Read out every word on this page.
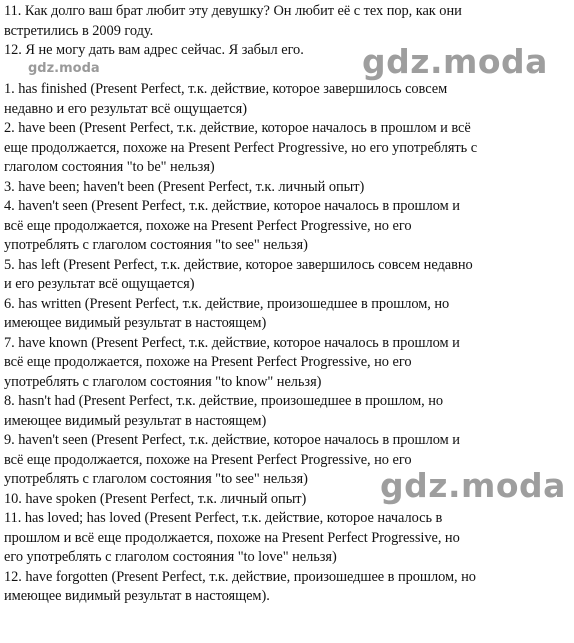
11. Как долго ваш брат любит эту девушку? Он любит её с тех пор, как они
встретились в 2009 году.
12. Я не могу дать вам адрес сейчас. Я забыл его.
1. has finished (Present Perfect, т.к. действие, которое завершилось совсем
недавно и его результат всё ощущается)
2. have been (Present Perfect, т.к. действие, которое началось в прошлом и всё
еще продолжается, похоже на Present Perfect Progressive, но его употреблять с
глаголом состояния "to be" нельзя)
3. have been; haven't been (Present Perfect, т.к. личный опыт)
4. haven't seen (Present Perfect, т.к. действие, которое началось в прошлом и
всё еще продолжается, похоже на Present Perfect Progressive, но его
употреблять с глаголом состояния "to see" нельзя)
5. has left (Present Perfect, т.к. действие, которое завершилось совсем недавно
и его результат всё ощущается)
6. has written (Present Perfect, т.к. действие, произошедшее в прошлом, но
имеющее видимый результат в настоящем)
7. have known (Present Perfect, т.к. действие, которое началось в прошлом и
всё еще продолжается, похоже на Present Perfect Progressive, но его
употреблять с глаголом состояния "to know" нельзя)
8. hasn't had (Present Perfect, т.к. действие, произошедшее в прошлом, но
имеющее видимый результат в настоящем)
9. haven't seen (Present Perfect, т.к. действие, которое началось в прошлом и
всё еще продолжается, похоже на Present Perfect Progressive, но его
употреблять с глаголом состояния "to see" нельзя)
10. have spoken (Present Perfect, т.к. личный опыт)
11. has loved; has loved (Present Perfect, т.к. действие, которое началось в
прошлом и всё еще продолжается, похоже на Present Perfect Progressive, но
его употреблять с глаголом состояния "to love" нельзя)
12. have forgotten (Present Perfect, т.к. действие, произошедшее в прошлом, но
имеющее видимый результат в настоящем).
gdz.moda	gdz.moda
gdz.moda
